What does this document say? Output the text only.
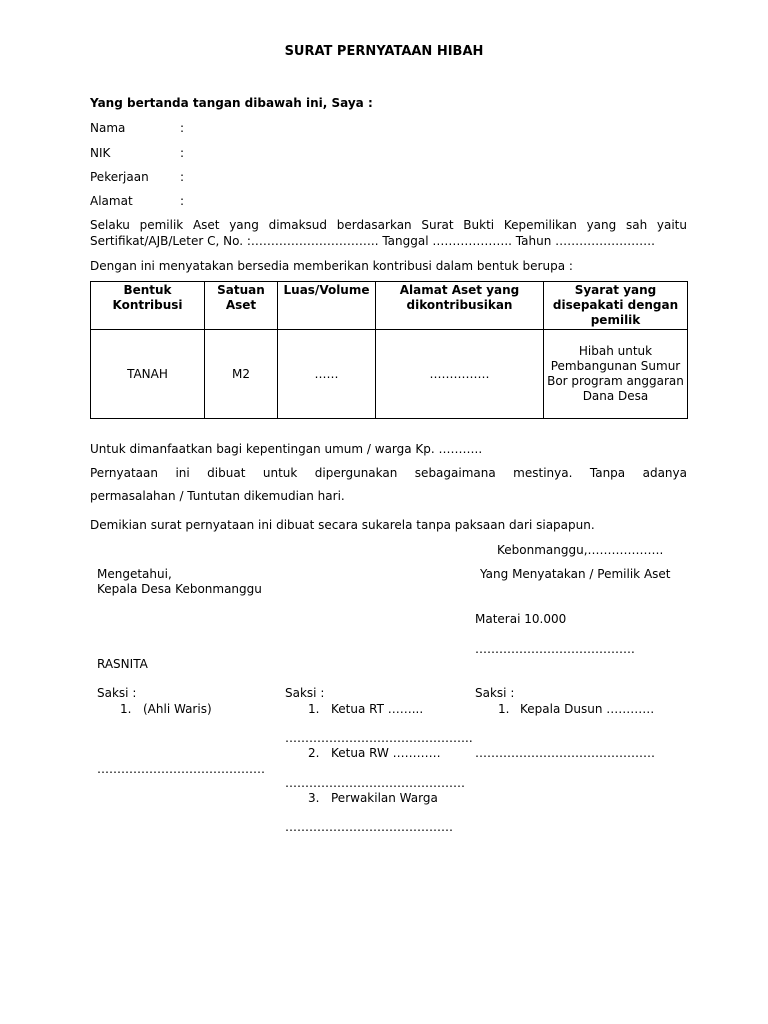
SURAT PERNYATAAN HIBAH
Yang bertanda tangan dibawah ini, Saya :
Nama	:
NIK	:
Pekerjaan	:
Alamat	:
Selaku pemilik Aset yang dimaksud berdasarkan Surat Bukti Kepemilikan yang sah yaitu
Sertifikat/AJB/Leter C, No. :………………………….. Tanggal ……………….. Tahun …………………….
Dengan ini menyatakan bersedia memberikan kontribusi dalam bentuk berupa :
Bentuk Kontribusi	Satuan Aset	Luas/Volume	Alamat Aset yang dikontribusikan	Syarat yang disepakati dengan pemilik
TANAH	M2	……	……………	Hibah untuk Pembangunan Sumur Bor program anggaran Dana Desa
Untuk dimanfaatkan bagi kepentingan umum / warga Kp. ………..
Pernyataan ini dibuat untuk dipergunakan sebagaimana mestinya. Tanpa adanya
permasalahan / Tuntutan dikemudian hari.
Demikian surat pernyataan ini dibuat secara sukarela tanpa paksaan dari siapapun.
Kebonmanggu,……………….
Mengetahui,
Kepala Desa Kebonmanggu
RASNITA
Yang Menyatakan / Pemilik Aset
Materai 10.000
………………………………….
Saksi :
1. (Ahli Waris)
……………………………………
Saksi :
1. Ketua RT ……...
………………………………………..
2. Ketua RW …………
………………………………………
3. Perwakilan Warga
……………………………………
Saksi :
1. Kepala Dusun …………
………………………………………
